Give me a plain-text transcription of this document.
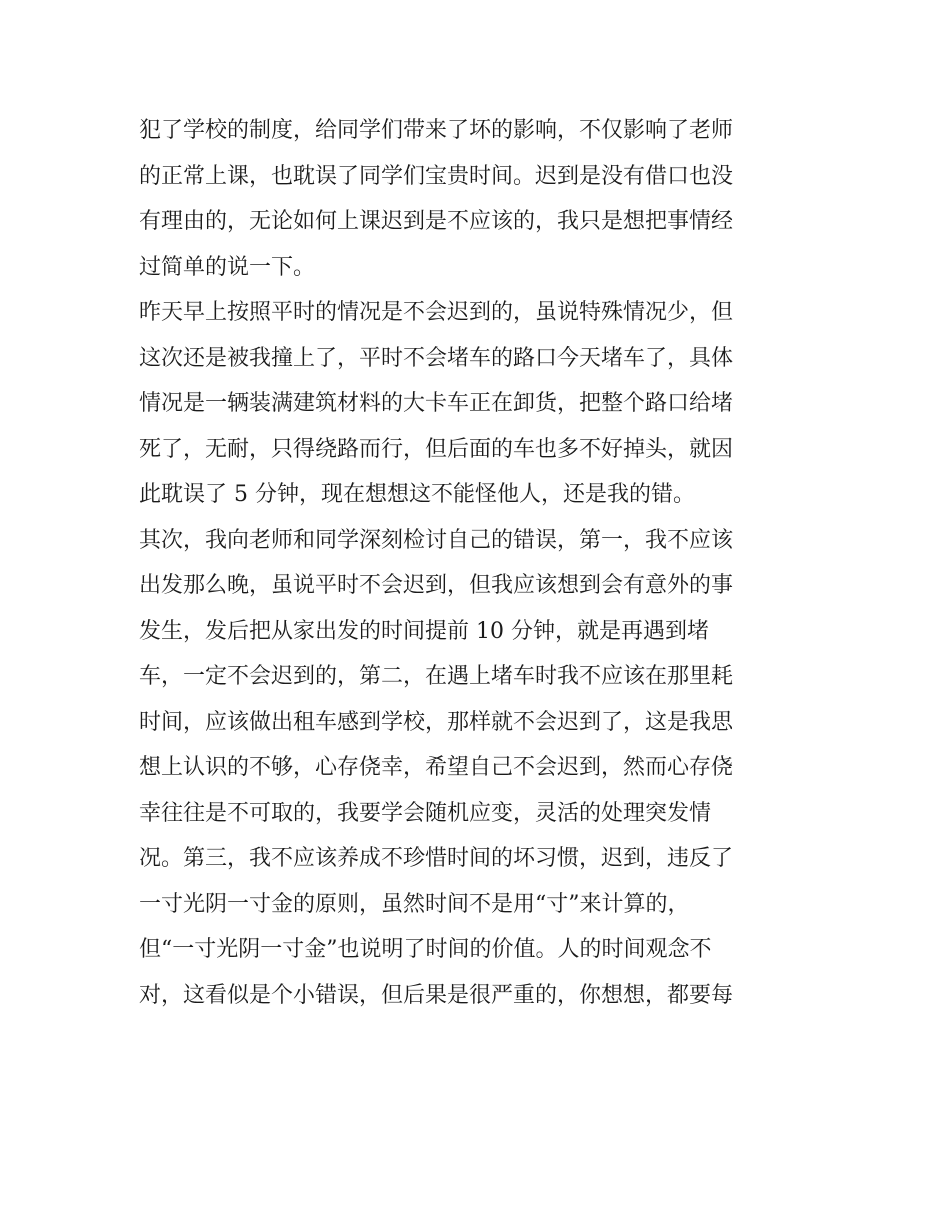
犯了学校的制度，给同学们带来了坏的影响，不仅影响了老师
的正常上课，也耽误了同学们宝贵时间。迟到是没有借口也没
有理由的，无论如何上课迟到是不应该的，我只是想把事情经
过简单的说一下。
昨天早上按照平时的情况是不会迟到的，虽说特殊情况少，但
这次还是被我撞上了，平时不会堵车的路口今天堵车了，具体
情况是一辆装满建筑材料的大卡车正在卸货，把整个路口给堵
死了，无耐，只得绕路而行，但后面的车也多不好掉头，就因
此耽误了 5 分钟，现在想想这不能怪他人，还是我的错。
其次，我向老师和同学深刻检讨自己的错误，第一，我不应该
出发那么晚，虽说平时不会迟到，但我应该想到会有意外的事
发生，发后把从家出发的时间提前 10 分钟，就是再遇到堵
车，一定不会迟到的，第二，在遇上堵车时我不应该在那里耗
时间，应该做出租车感到学校，那样就不会迟到了，这是我思
想上认识的不够，心存侥幸，希望自己不会迟到，然而心存侥
幸往往是不可取的，我要学会随机应变，灵活的处理突发情
况。第三，我不应该养成不珍惜时间的坏习惯，迟到，违反了
一寸光阴一寸金的原则，虽然时间不是用“寸”来计算的，
但“一寸光阴一寸金”也说明了时间的价值。人的时间观念不
对，这看似是个小错误，但后果是很严重的，你想想，都要每
